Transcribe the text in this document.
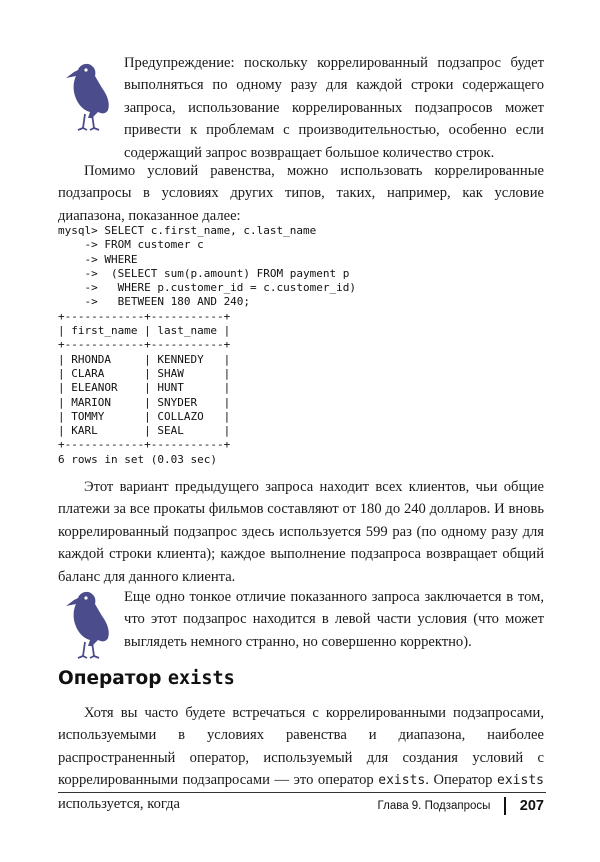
Предупреждение: поскольку коррелированный подзапрос будет выполняться по одному разу для каждой строки содержащего запроса, использование коррелированных подзапросов может привести к проблемам с производительностью, особенно если содержащий запрос возвращает большое количество строк.

Помимо условий равенства, можно использовать коррелированные подзапросы в условиях других типов, таких, например, как условие диапазона, показанное далее:

mysql> SELECT c.first_name, c.last_name
-> FROM customer c
-> WHERE
->  (SELECT sum(p.amount) FROM payment p
->   WHERE p.customer_id = c.customer_id)
->   BETWEEN 180 AND 240;
+------------+-----------+
| first_name | last_name |
+------------+-----------+
| RHONDA     | KENNEDY   |
| CLARA      | SHAW      |
| ELEANOR    | HUNT      |
| MARION     | SNYDER    |
| TOMMY      | COLLAZO   |
| KARL       | SEAL      |
+------------+-----------+
6 rows in set (0.03 sec)

Этот вариант предыдущего запроса находит всех клиентов, чьи общие платежи за все прокаты фильмов составляют от 180 до 240 долларов. И вновь коррелированный подзапрос здесь используется 599 раз (по одному разу для каждой строки клиента); каждое выполнение подзапроса возвращает общий баланс для данного клиента.

Еще одно тонкое отличие показанного запроса заключается в том, что этот подзапрос находится в левой части условия (что может выглядеть немного странно, но совершенно корректно).
Оператор exists

Хотя вы часто будете встречаться с коррелированными подзапросами, используемыми в условиях равенства и диапазона, наиболее распространенный оператор, используемый для создания условий с коррелированными подзапросами — это оператор exists. Оператор exists используется, когда	Глава 9. Подзапросы 207
